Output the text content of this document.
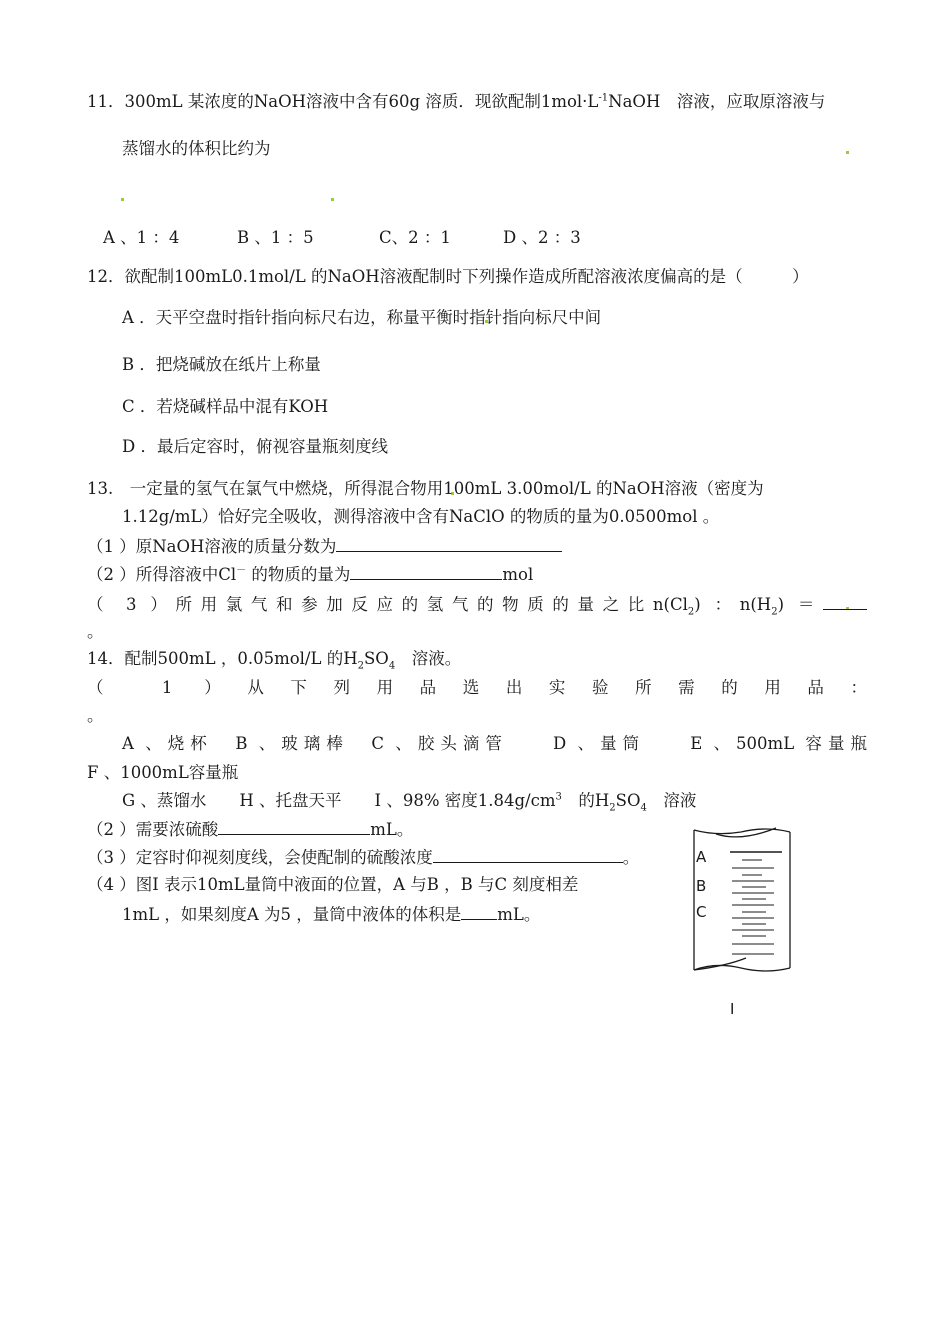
11．300mL 某浓度的NaOH溶液中含有60g 溶质．现欲配制$1mol\cdot L^{-1}NaOH$　溶液，应取原溶液与
蒸馏水的体积比约为
A 、1 ：4	B 、1 ：5	C、2 ：1	D 、2 ：3
12．欲配制100mL0.1mol/L 的NaOH溶液配制时下列操作造成所配溶液浓度偏高的是（　　　）
A ．天平空盘时指针指向标尺右边，称量平衡时指针指向标尺中间
B ．把烧碱放在纸片上称量
C ．若烧碱样品中混有KOH
D ．最后定容时，俯视容量瓶刻度线
13.　一定量的氢气在氯气中燃烧，所得混合物用100mL 3.00mol/L 的NaOH溶液（密度为
1.12g/mL）恰好完全吸收，测得溶液中含有NaClO 的物质的量为0.0500mol 。
（1 ）原NaOH溶液的质量分数为
（2 ）所得溶液中Cl－ 的物质的量为	mol
（ 3 ）所用氯气和参加反应的氢气的物质的量之比$n(Cl_2)$ ：$n(H_2)$ ＝
。
14．配制500mL ，0.05mol/L 的$H_2SO_4$　溶液。
（ 1 ）从下列用品选出实验所需的用品：
。
A 、烧杯　B 、玻璃棒　C 、胶头滴管　　D 、量筒　　E 、500mL 容量瓶
F 、1000mL容量瓶
G 、蒸馏水　　H 、托盘天平　　I 、98% 密度$1.84g/cm^3$　的$H_2SO_4$　溶液
（2 ）需要浓硫酸	mL。
（3 ）定容时仰视刻度线，会使配制的硫酸浓度	。
（4 ）图I 表示10mL量筒中液面的位置，A 与B ，B 与C 刻度相差
1mL ，如果刻度A 为5 ，量筒中液体的体积是 mL。
A
B
C
I
